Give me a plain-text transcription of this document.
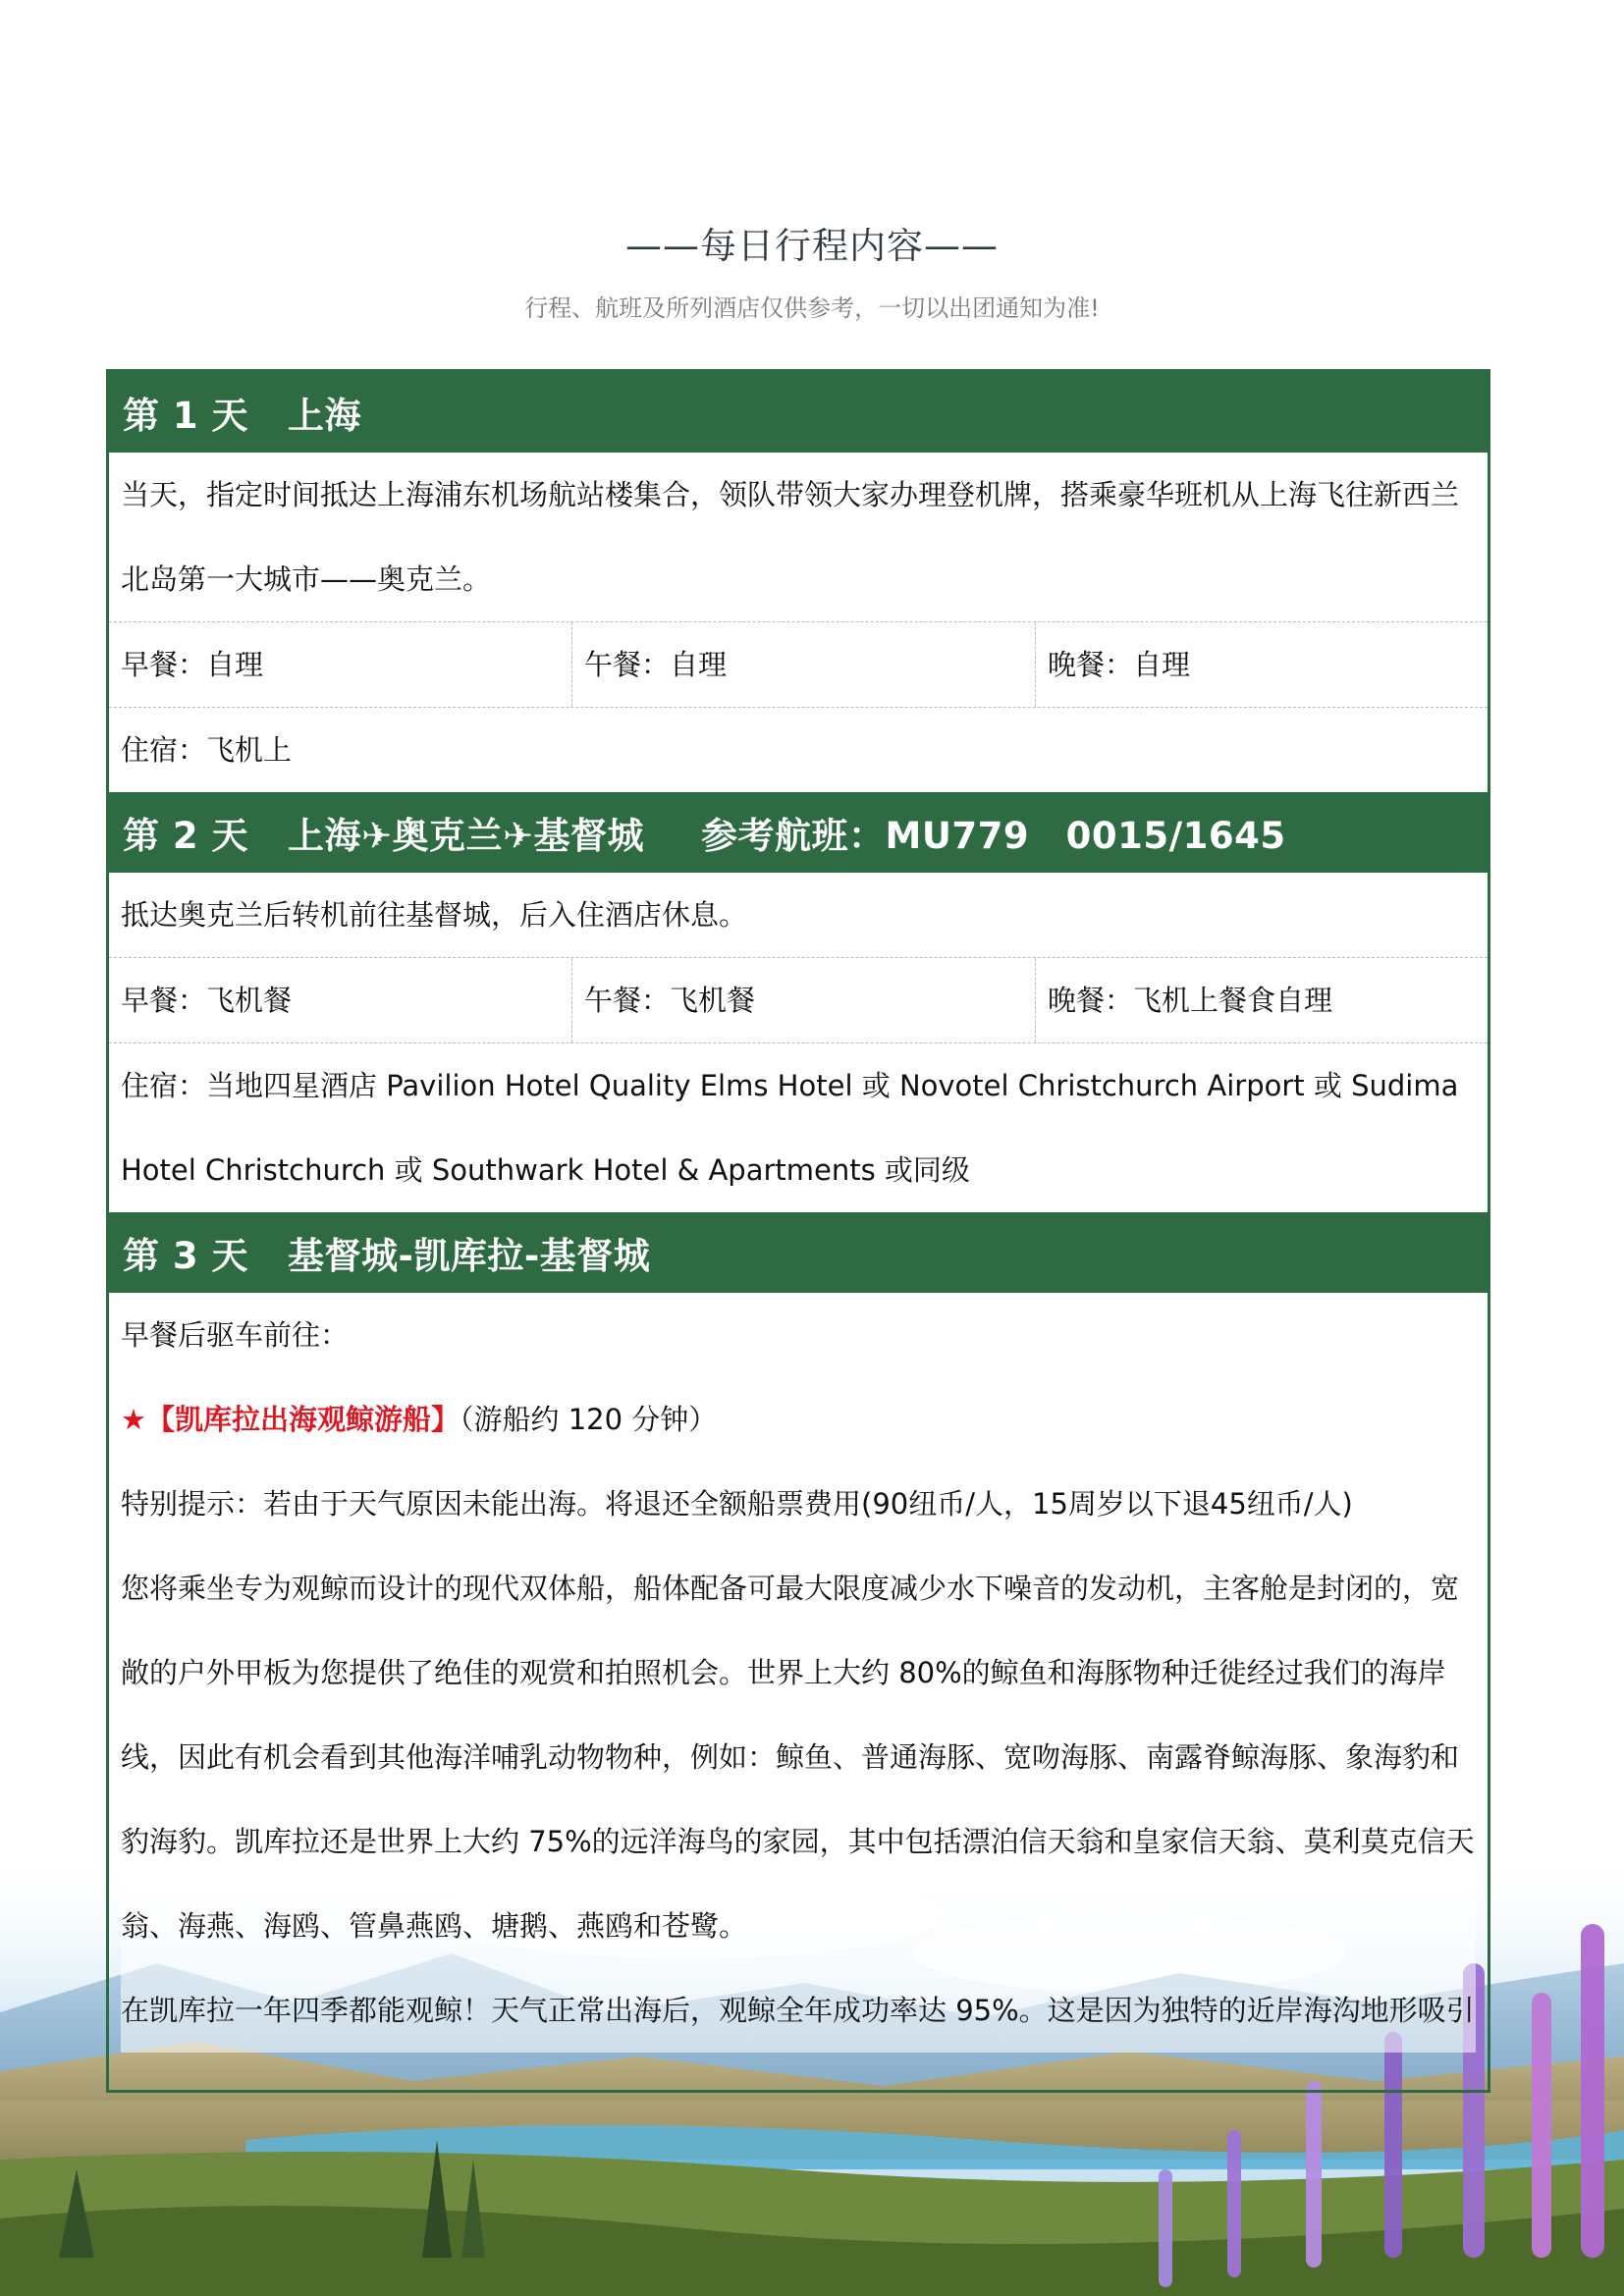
——每日行程内容——
行程、航班及所列酒店仅供参考，一切以出团通知为准!
第 1 天 上海
当天，指定时间抵达上海浦东机场航站楼集合，领队带领大家办理登机牌，搭乘豪华班机从上海飞往新西兰北岛第一大城市——奥克兰。
早餐：自理	午餐：自理	晚餐：自理
住宿：飞机上
第 2 天 上海✈奥克兰✈基督城 参考航班：MU779　0015/1645
抵达奥克兰后转机前往基督城，后入住酒店休息。
早餐：飞机餐	午餐：飞机餐	晚餐：飞机上餐食自理
住宿：当地四星酒店 Pavilion Hotel Quality Elms Hotel 或 Novotel Christchurch Airport 或 Sudima Hotel Christchurch 或 Southwark Hotel & Apartments 或同级
第 3 天 基督城-凯库拉-基督城

早餐后驱车前往：

★【凯库拉出海观鲸游船】（游船约 120 分钟）

特别提示：若由于天气原因未能出海。将退还全额船票费用(90纽币/人，15周岁以下退45纽币/人)

您将乘坐专为观鲸而设计的现代双体船，船体配备可最大限度减少水下噪音的发动机，主客舱是封闭的，宽敞的户外甲板为您提供了绝佳的观赏和拍照机会。世界上大约 80%的鲸鱼和海豚物种迁徙经过我们的海岸线，因此有机会看到其他海洋哺乳动物物种，例如：鲸鱼、普通海豚、宽吻海豚、南露脊鲸海豚、象海豹和豹海豹。凯库拉还是世界上大约 75%的远洋海鸟的家园，其中包括漂泊信天翁和皇家信天翁、莫利莫克信天翁、海燕、海鸥、管鼻燕鸥、塘鹅、燕鸥和苍鹭。

在凯库拉一年四季都能观鲸！天气正常出海后，观鲸全年成功率达 95%。这是因为独特的近岸海沟地形吸引
